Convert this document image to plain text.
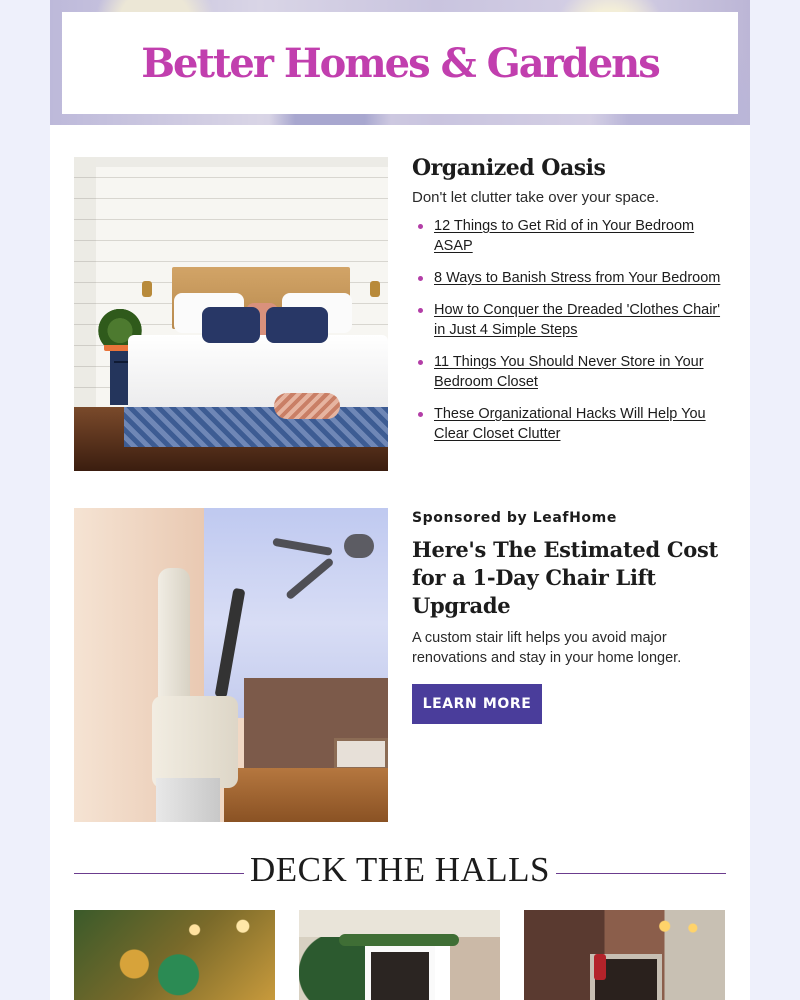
Better Homes & Gardens
Organized Oasis
Don't let clutter take over your space.
12 Things to Get Rid of in Your Bedroom ASAP
8 Ways to Banish Stress from Your Bedroom
How to Conquer the Dreaded 'Clothes Chair' in Just 4 Simple Steps
11 Things You Should Never Store in Your Bedroom Closet
These Organizational Hacks Will Help You Clear Closet Clutter
Sponsored by LeafHome
Here's The Estimated Cost for a 1-Day Chair Lift Upgrade
A custom stair lift helps you avoid major renovations and stay in your home longer.
LEARN MORE
DECK THE HALLS
